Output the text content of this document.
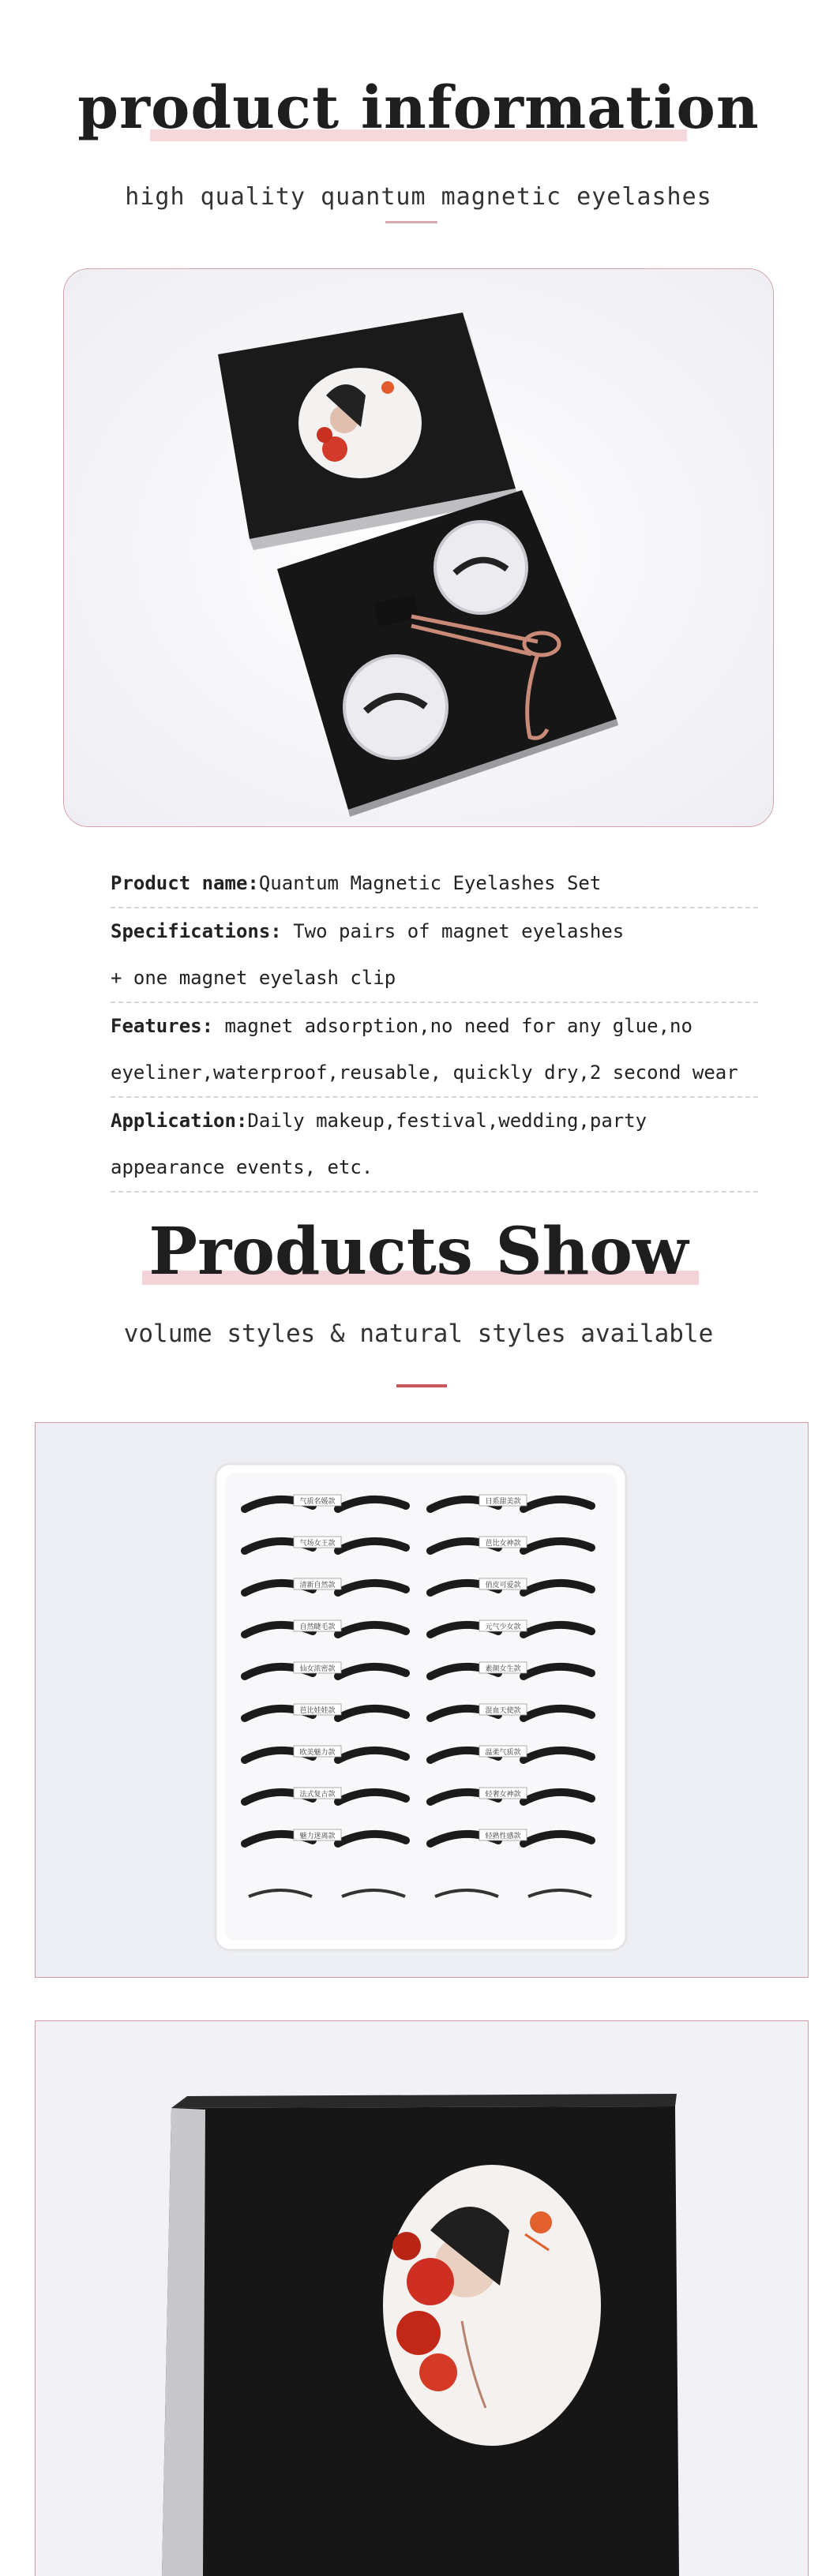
product information
high quality quantum magnetic eyelashes
Product name:Quantum Magnetic Eyelashes Set
Specifications: Two pairs of magnet eyelashes
+ one magnet eyelash clip
Features: magnet adsorption,no need for any glue,no
eyeliner,waterproof,reusable, quickly dry,2 second wear
Application:Daily makeup,festival,wedding,party
appearance events, etc.
Products Show
volume styles & natural styles available
气质名媛款
气场女王款
清新自然款
自然睫毛款
仙女浓密款
芭比娃娃款
欧美魅力款
法式复古款
魅力迷离款
日系甜美款
芭比女神款
俏皮可爱款
元气少女款
素颜女生款
混血天使款
温柔气质款
轻奢女神款
轻熟性感款
